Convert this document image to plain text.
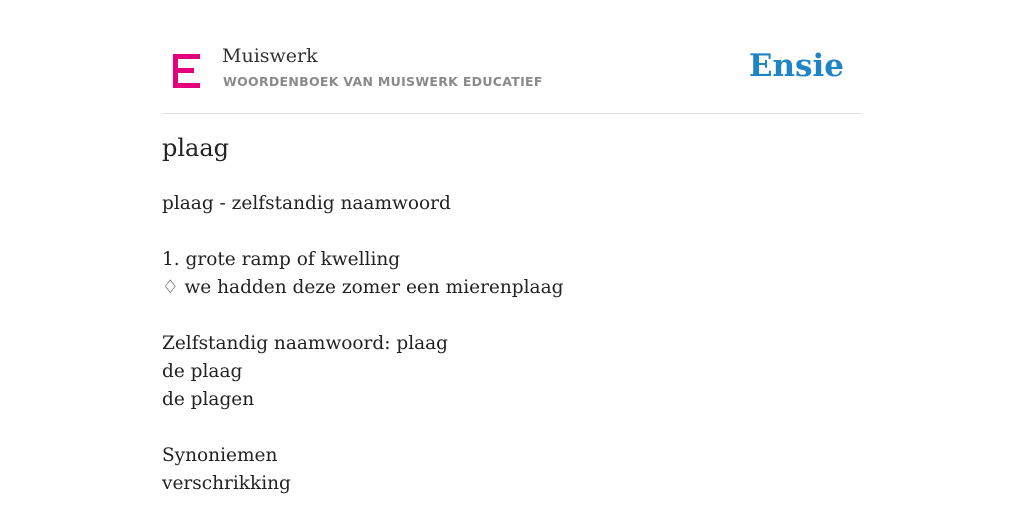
Muiswerk
WOORDENBOEK VAN MUISWERK EDUCATIEF	Ensie
plaag
plaag - zelfstandig naamwoord
1. grote ramp of kwelling
♢ we hadden deze zomer een mierenplaag
Zelfstandig naamwoord: plaag
de plaag
de plagen
Synoniemen
verschrikking
